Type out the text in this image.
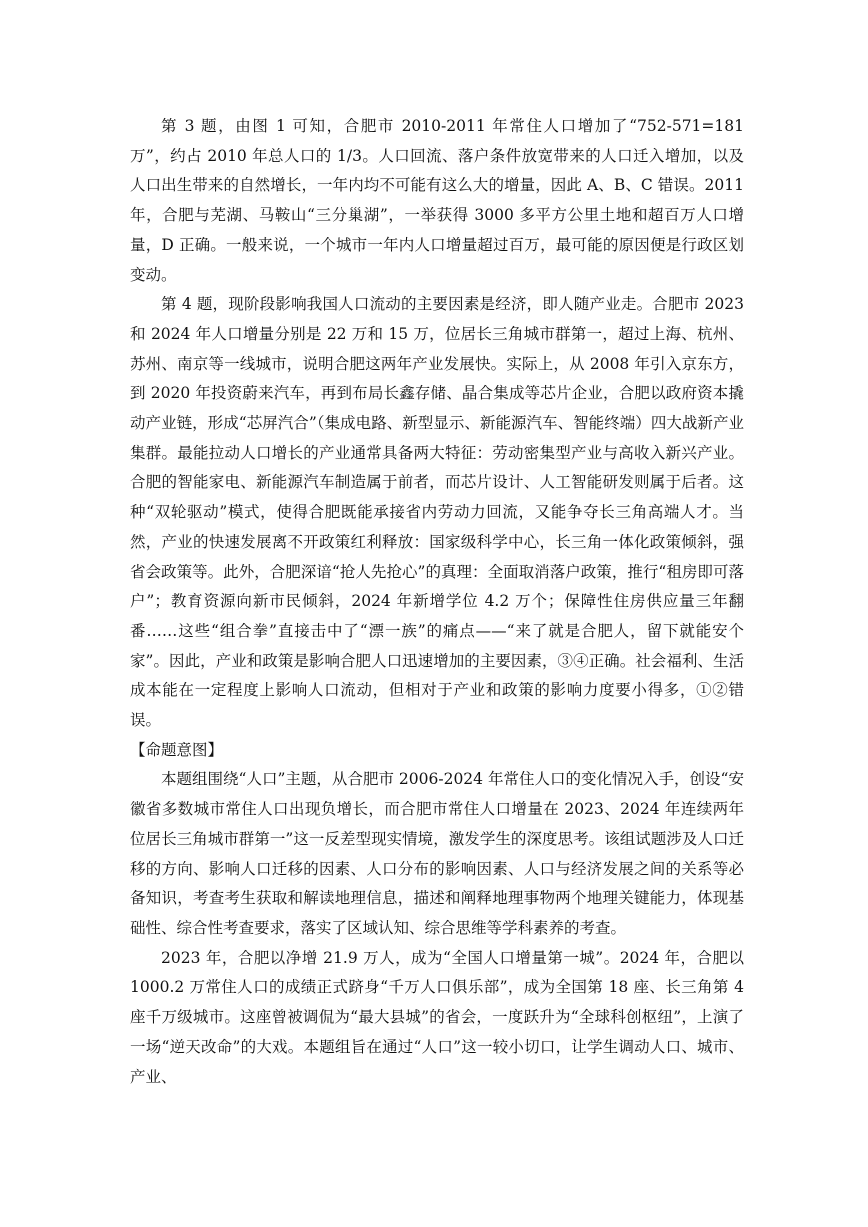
第 3 题，由图 1 可知，合肥市 2010-2011 年常住人口增加了“752-571=181 万”，约占 2010 年总人口的 1/3。人口回流、落户条件放宽带来的人口迁入增加，以及人口出生带来的自然增长，一年内均不可能有这么大的增量，因此 A、B、C 错误。2011 年，合肥与芜湖、马鞍山“三分巢湖”，一举获得 3000 多平方公里土地和超百万人口增量，D 正确。一般来说，一个城市一年内人口增量超过百万，最可能的原因便是行政区划变动。

第 4 题，现阶段影响我国人口流动的主要因素是经济，即人随产业走。合肥市 2023 和 2024 年人口增量分别是 22 万和 15 万，位居长三角城市群第一，超过上海、杭州、苏州、南京等一线城市，说明合肥这两年产业发展快。实际上，从 2008 年引入京东方，到 2020 年投资蔚来汽车，再到布局长鑫存储、晶合集成等芯片企业，合肥以政府资本撬动产业链，形成“芯屏汽合”（集成电路、新型显示、新能源汽车、智能终端）四大战新产业集群。最能拉动人口增长的产业通常具备两大特征：劳动密集型产业与高收入新兴产业。合肥的智能家电、新能源汽车制造属于前者，而芯片设计、人工智能研发则属于后者。这种“双轮驱动”模式，使得合肥既能承接省内劳动力回流，又能争夺长三角高端人才。当然，产业的快速发展离不开政策红利释放：国家级科学中心，长三角一体化政策倾斜，强省会政策等。此外，合肥深谙“抢人先抢心”的真理：全面取消落户政策，推行“租房即可落户”；教育资源向新市民倾斜，2024 年新增学位 4.2 万个；保障性住房供应量三年翻番……这些“组合拳”直接击中了“漂一族”的痛点——“来了就是合肥人，留下就能安个家”。因此，产业和政策是影响合肥人口迅速增加的主要因素，③④正确。社会福利、生活成本能在一定程度上影响人口流动，但相对于产业和政策的影响力度要小得多，①②错误。

【命题意图】

本题组围绕“人口”主题，从合肥市 2006-2024 年常住人口的变化情况入手，创设“安徽省多数城市常住人口出现负增长，而合肥市常住人口增量在 2023、2024 年连续两年位居长三角城市群第一”这一反差型现实情境，激发学生的深度思考。该组试题涉及人口迁移的方向、影响人口迁移的因素、人口分布的影响因素、人口与经济发展之间的关系等必备知识，考查考生获取和解读地理信息，描述和阐释地理事物两个地理关键能力，体现基础性、综合性考查要求，落实了区域认知、综合思维等学科素养的考查。

2023 年，合肥以净增 21.9 万人，成为“全国人口增量第一城”。2024 年，合肥以 1000.2 万常住人口的成绩正式跻身“千万人口俱乐部”，成为全国第 18 座、长三角第 4 座千万级城市。这座曾被调侃为“最大县城”的省会，一度跃升为“全球科创枢纽”，上演了一场“逆天改命”的大戏。本题组旨在通过“人口”这一较小切口，让学生调动人口、城市、产业、
